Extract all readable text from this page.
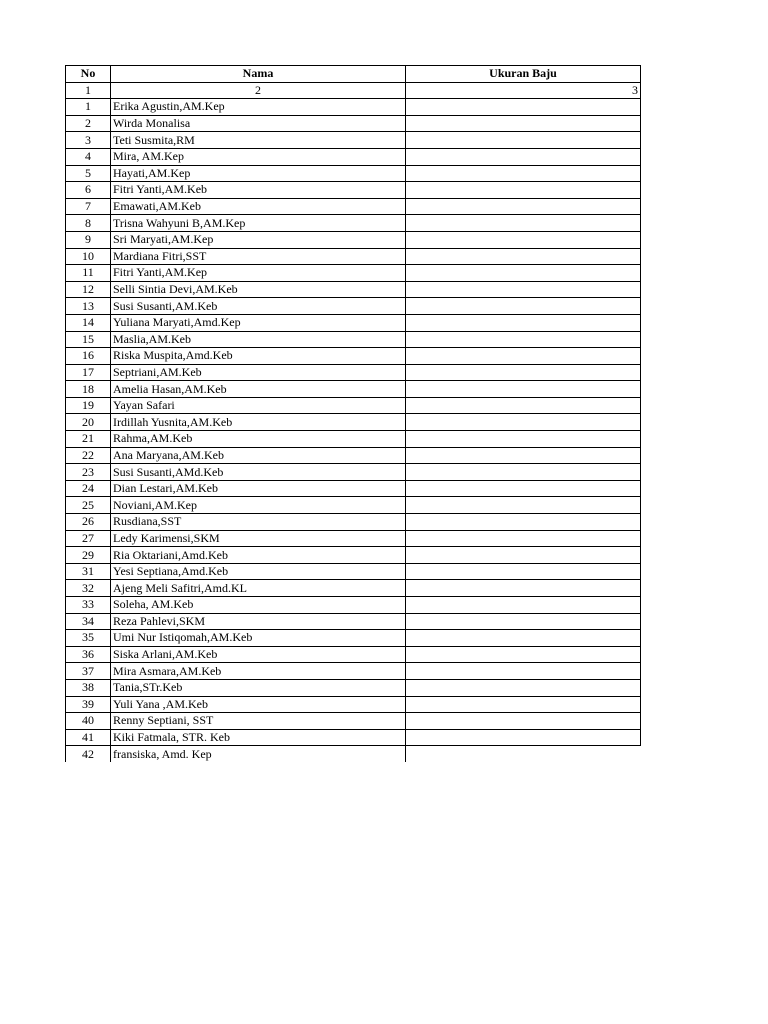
No	Nama	Ukuran Baju
1	2	3
1	Erika Agustin,AM.Kep	
2	Wirda Monalisa	
3	Teti Susmita,RM	
4	Mira, AM.Kep	
5	Hayati,AM.Kep	
6	Fitri Yanti,AM.Keb	
7	Emawati,AM.Keb	
8	Trisna Wahyuni B,AM.Kep	
9	Sri Maryati,AM.Kep	
10	Mardiana Fitri,SST	
11	Fitri Yanti,AM.Kep	
12	Selli Sintia Devi,AM.Keb	
13	Susi Susanti,AM.Keb	
14	Yuliana Maryati,Amd.Kep	
15	Maslia,AM.Keb	
16	Riska Muspita,Amd.Keb	
17	Septriani,AM.Keb	
18	Amelia Hasan,AM.Keb	
19	Yayan Safari	
20	Irdillah Yusnita,AM.Keb	
21	Rahma,AM.Keb	
22	Ana Maryana,AM.Keb	
23	Susi Susanti,AMd.Keb	
24	Dian Lestari,AM.Keb	
25	Noviani,AM.Kep	
26	Rusdiana,SST	
27	Ledy Karimensi,SKM	
29	Ria Oktariani,Amd.Keb	
31	Yesi Septiana,Amd.Keb	
32	Ajeng Meli Safitri,Amd.KL	
33	Soleha, AM.Keb	
34	Reza Pahlevi,SKM	
35	Umi Nur Istiqomah,AM.Keb	
36	Siska Arlani,AM.Keb	
37	Mira Asmara,AM.Keb	
38	Tania,STr.Keb	
39	Yuli Yana ,AM.Keb	
40	Renny Septiani, SST	
41	Kiki Fatmala, STR. Keb	
42	fransiska, Amd. Kep	
